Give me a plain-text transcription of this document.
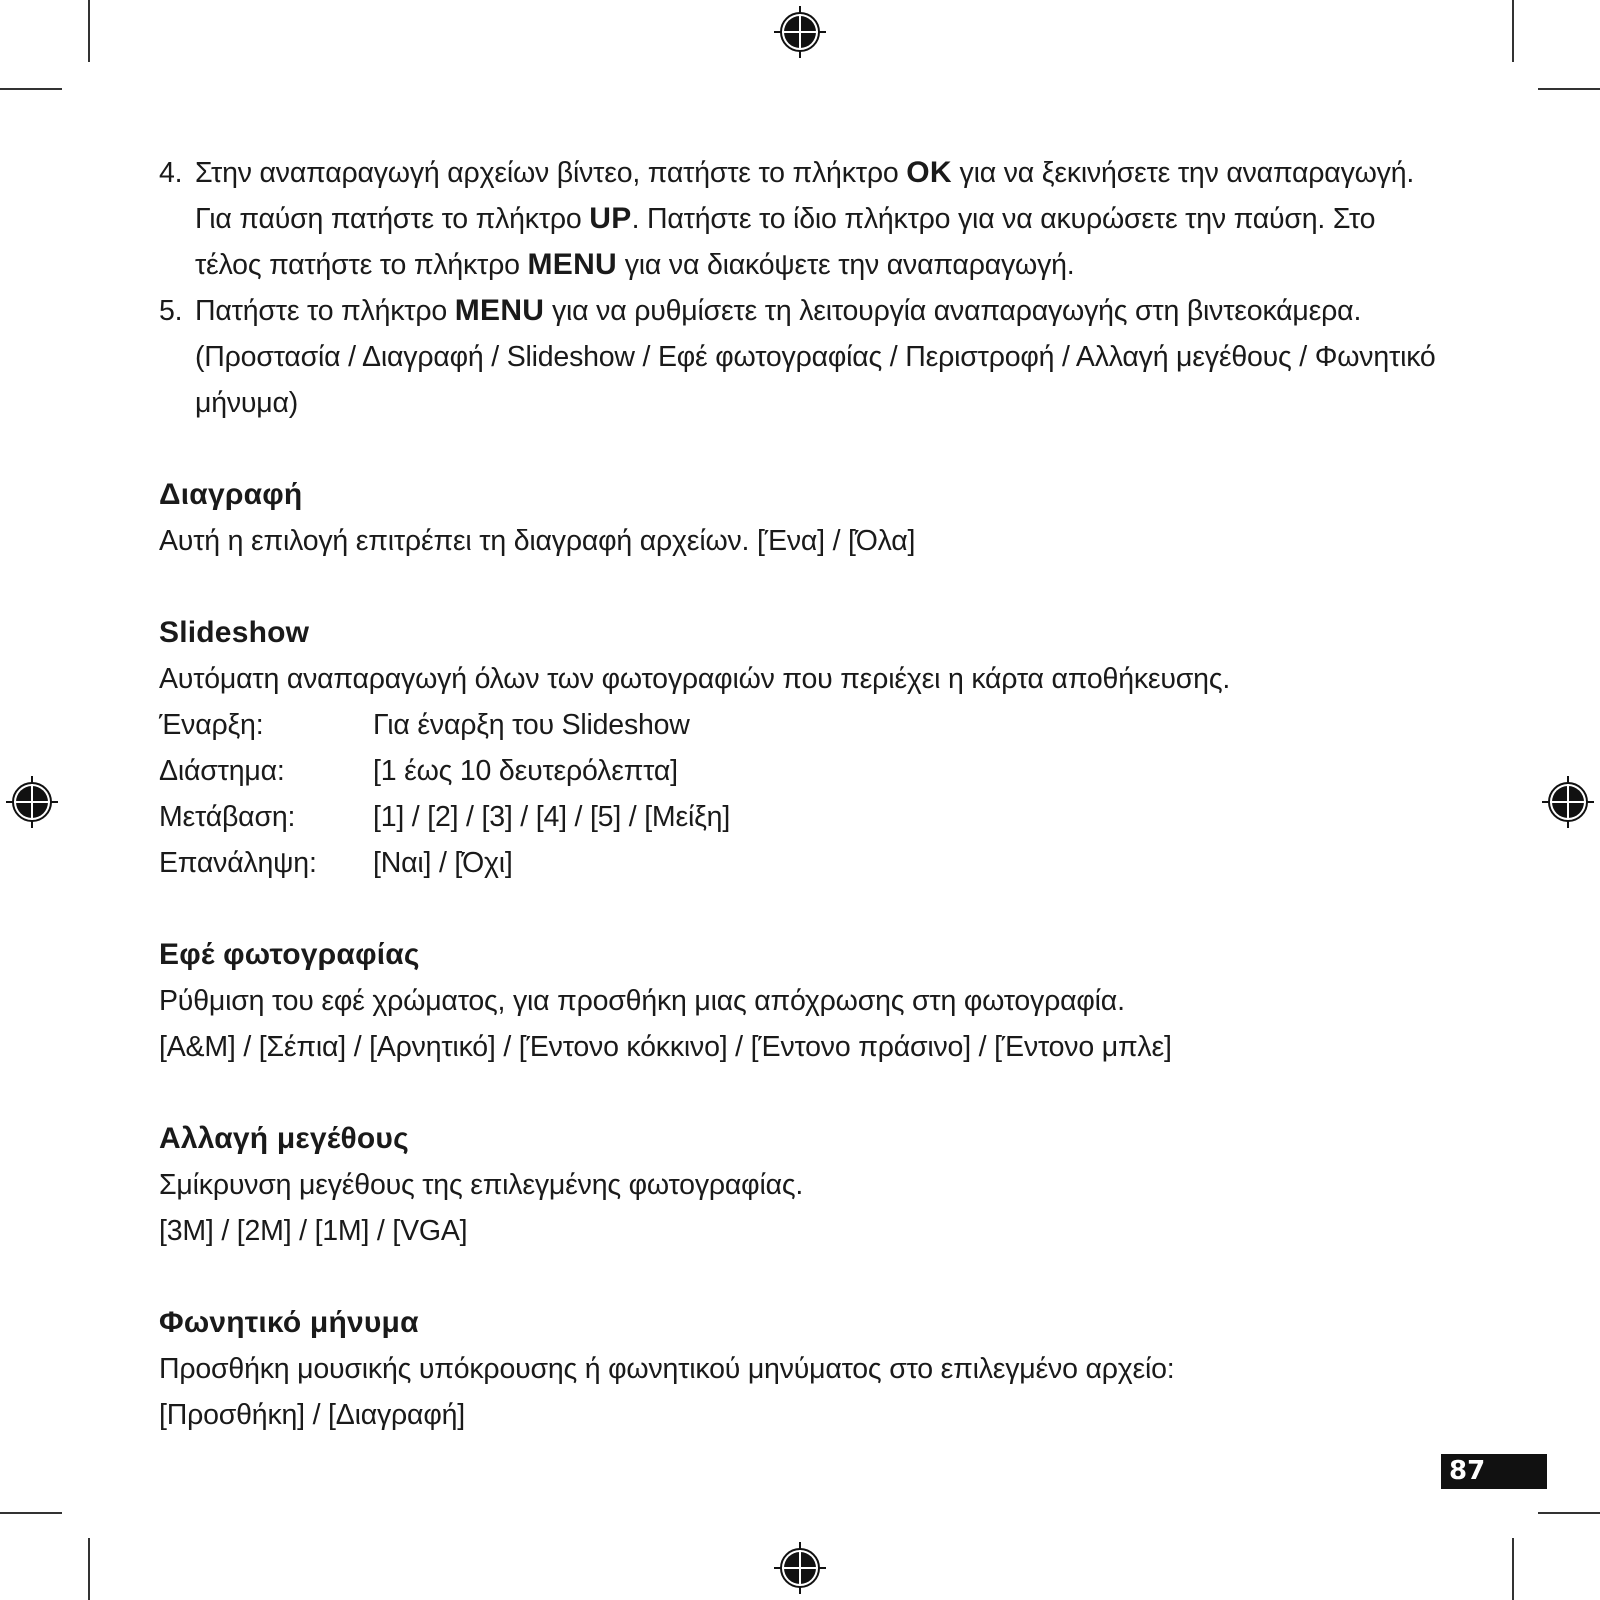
4. Στην αναπαραγωγή αρχείων βίντεο, πατήστε το πλήκτρο OK για να ξεκινήσετε την αναπαραγωγή. Για παύση πατήστε το πλήκτρο UP. Πατήστε το ίδιο πλήκτρο για να ακυρώσετε την παύση. Στο τέλος πατήστε το πλήκτρο MENU για να διακόψετε την αναπαραγωγή.
5. Πατήστε το πλήκτρο MENU για να ρυθμίσετε τη λειτουργία αναπαραγωγής στη βιντεοκάμερα.
(Προστασία / Διαγραφή / Slideshow / Εφέ φωτογραφίας / Περιστροφή / Αλλαγή μεγέθους / Φωνητικό μήνυμα)
Διαγραφή

Αυτή η επιλογή επιτρέπει τη διαγραφή αρχείων. [Ένα] / [Όλα]

Slideshow

Αυτόματη αναπαραγωγή όλων των φωτογραφιών που περιέχει η κάρτα αποθήκευσης.

Έναρξη:	Για έναρξη του Slideshow
Διάστημα:	[1 έως 10 δευτερόλεπτα]
Μετάβαση:	[1] / [2] / [3] / [4] / [5] / [Μείξη]
Επανάληψη:	[Ναι] / [Όχι]
Εφέ φωτογραφίας

Ρύθμιση του εφέ χρώματος, για προσθήκη μιας απόχρωσης στη φωτογραφία.

[A&M] / [Σέπια] / [Αρνητικό] / [Έντονο κόκκινο] / [Έντονο πράσινο] / [Έντονο μπλε]

Αλλαγή μεγέθους

Σμίκρυνση μεγέθους της επιλεγμένης φωτογραφίας.

[3M] / [2M] / [1M] / [VGA]

Φωνητικό μήνυμα

Προσθήκη μουσικής υπόκρουσης ή φωνητικού μηνύματος στο επιλεγμένο αρχείο:

[Προσθήκη] / [Διαγραφή]

87
